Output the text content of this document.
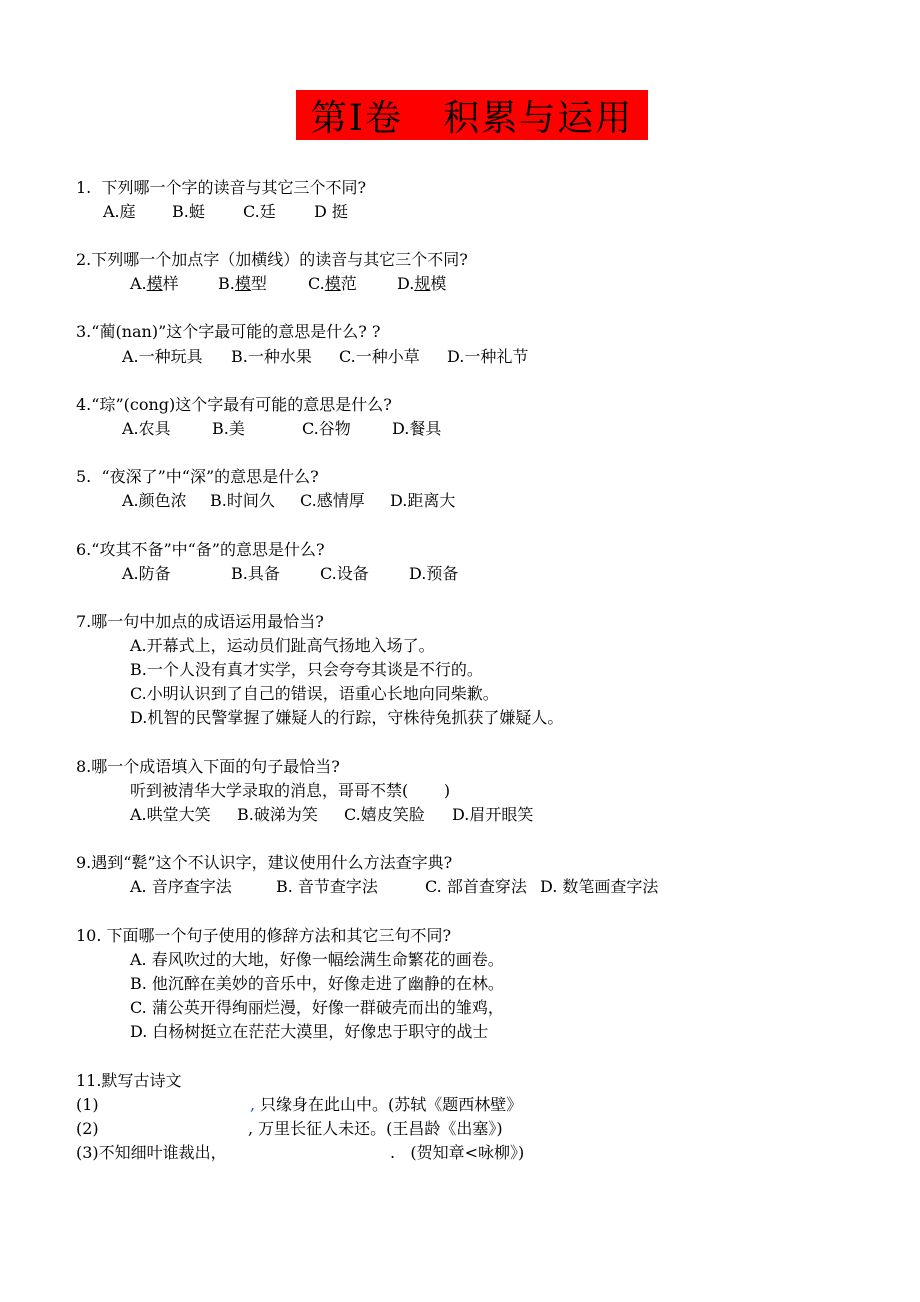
第Ⅰ卷   积累与运用
1.  下列哪一个字的读音与其它三个不同?
A.庭 B.蜓 C.廷 D 挺
2.下列哪一个加点字（加横线）的读音与其它三个不同?
A.模样 B.模型	C.模范	D.规模
3.“蔺(nan)”这个字最可能的意思是什么? ?
A.一种玩具 B.一种水果 C.一种小草 D.一种礼节
4.“琮”(cong)这个字最有可能的意思是什么?
A.农具	B.美	C.谷物	D.餐具
5.  “夜深了”中“深”的意思是什么?
A.颜色浓 B.时间久 C.感情厚 D.距离大
6.“攻其不备”中“备”的意思是什么?
A.防备	B.具备	C.设备	D.预备
7.哪一句中加点的成语运用最恰当?
A.开幕式上，运动员们趾高气扬地入场了。
B.一个人没有真才实学，只会夸夸其谈是不行的。
C.小明认识到了自己的错误，语重心长地向同柴歉。
D.机智的民警掌握了嫌疑人的行踪，守株待兔抓获了嫌疑人。
8.哪一个成语填入下面的句子最恰当?
听到被清华大学录取的消息，哥哥不禁(       )
A.哄堂大笑 B.破涕为笑 C.嬉皮笑脸 D.眉开眼笑
9.遇到“甏”这个不认识字，建议使用什么方法查字典?
A. 音序查字法	B. 音节查字法	C. 部首查穿法 D. 数笔画查字法
10. 下面哪一个句子使用的修辞方法和其它三句不同?
A. 春风吹过的大地，好像一幅绘满生命繁花的画卷。
B. 他沉醉在美妙的音乐中，好像走进了幽静的在林。
C. 蒲公英开得绚丽烂漫，好像一群破壳而出的雏鸡，
D. 白杨树挺立在茫茫大漠里，好像忠于职守的战士
11.默写古诗文
(1)	, 只缘身在此山中。(苏轼《题西林壁》
(2)	, 万里长征人未还。(王昌龄《出塞》)
(3)不知细叶谁裁出，	.   (贺知章<咏柳》)
